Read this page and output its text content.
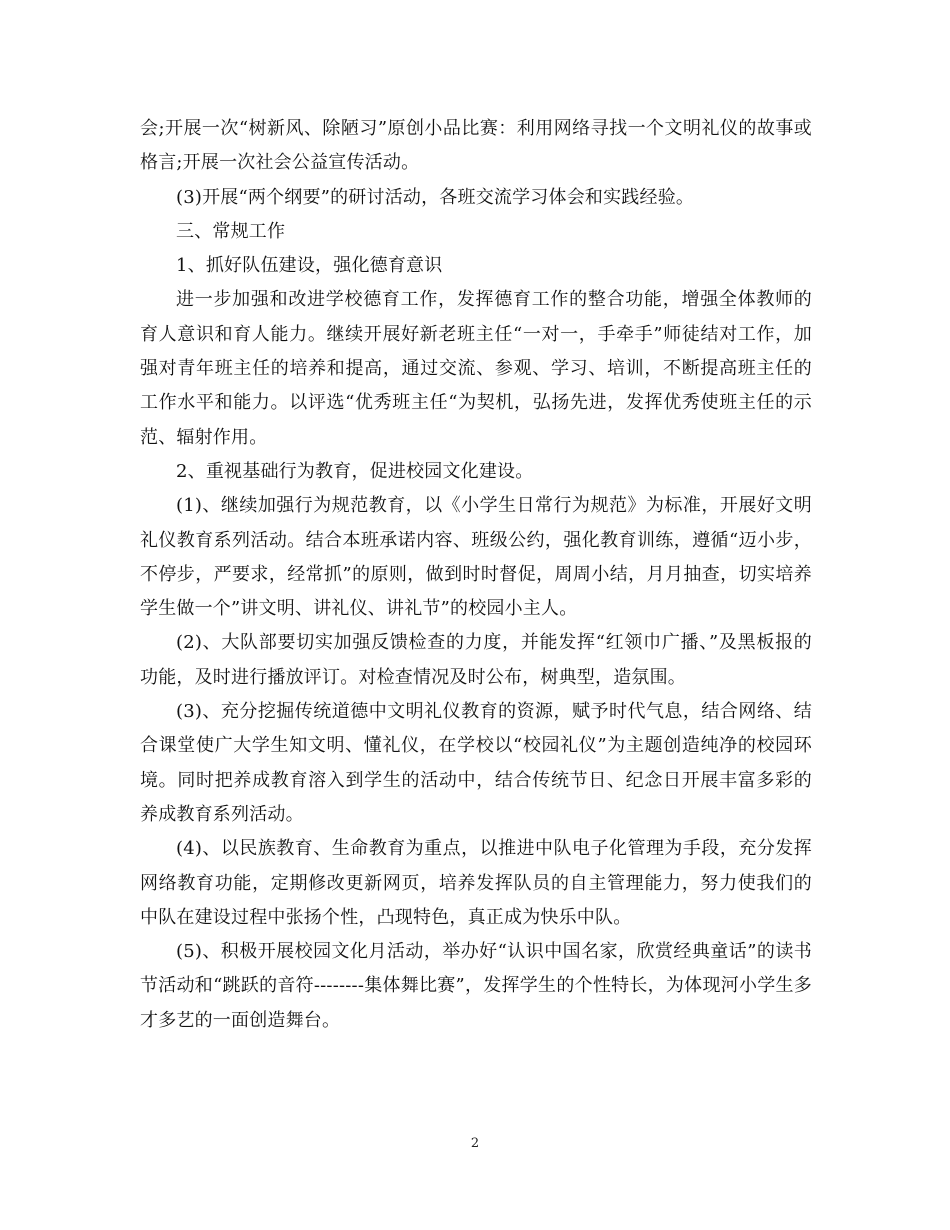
会;开展一次“树新风、除陋习”原创小品比赛：利用网络寻找一个文明礼仪的故事或格言;开展一次社会公益宣传活动。

(3)开展“两个纲要”的研讨活动，各班交流学习体会和实践经验。

三、常规工作

1、抓好队伍建设，强化德育意识

进一步加强和改进学校德育工作，发挥德育工作的整合功能，增强全体教师的育人意识和育人能力。继续开展好新老班主任“一对一，手牵手”师徒结对工作，加强对青年班主任的培养和提高，通过交流、参观、学习、培训，不断提高班主任的工作水平和能力。以评选“优秀班主任“为契机，弘扬先进，发挥优秀使班主任的示范、辐射作用。

2、重视基础行为教育，促进校园文化建设。

(1)、继续加强行为规范教育，以《小学生日常行为规范》为标准，开展好文明礼仪教育系列活动。结合本班承诺内容、班级公约，强化教育训练，遵循“迈小步，不停步，严要求，经常抓”的原则，做到时时督促，周周小结，月月抽查，切实培养学生做一个”讲文明、讲礼仪、讲礼节”的校园小主人。

(2)、大队部要切实加强反馈检查的力度，并能发挥“红领巾广播、”及黑板报的功能，及时进行播放评订。对检查情况及时公布，树典型，造氛围。

(3)、充分挖掘传统道德中文明礼仪教育的资源，赋予时代气息，结合网络、结合课堂使广大学生知文明、懂礼仪，在学校以“校园礼仪”为主题创造纯净的校园环境。同时把养成教育溶入到学生的活动中，结合传统节日、纪念日开展丰富多彩的养成教育系列活动。

(4)、以民族教育、生命教育为重点，以推进中队电子化管理为手段，充分发挥网络教育功能，定期修改更新网页，培养发挥队员的自主管理能力，努力使我们的中队在建设过程中张扬个性，凸现特色，真正成为快乐中队。

(5)、积极开展校园文化月活动，举办好“认识中国名家，欣赏经典童话”的读书节活动和“跳跃的音符--------集体舞比赛”，发挥学生的个性特长，为体现河小学生多才多艺的一面创造舞台。

2
